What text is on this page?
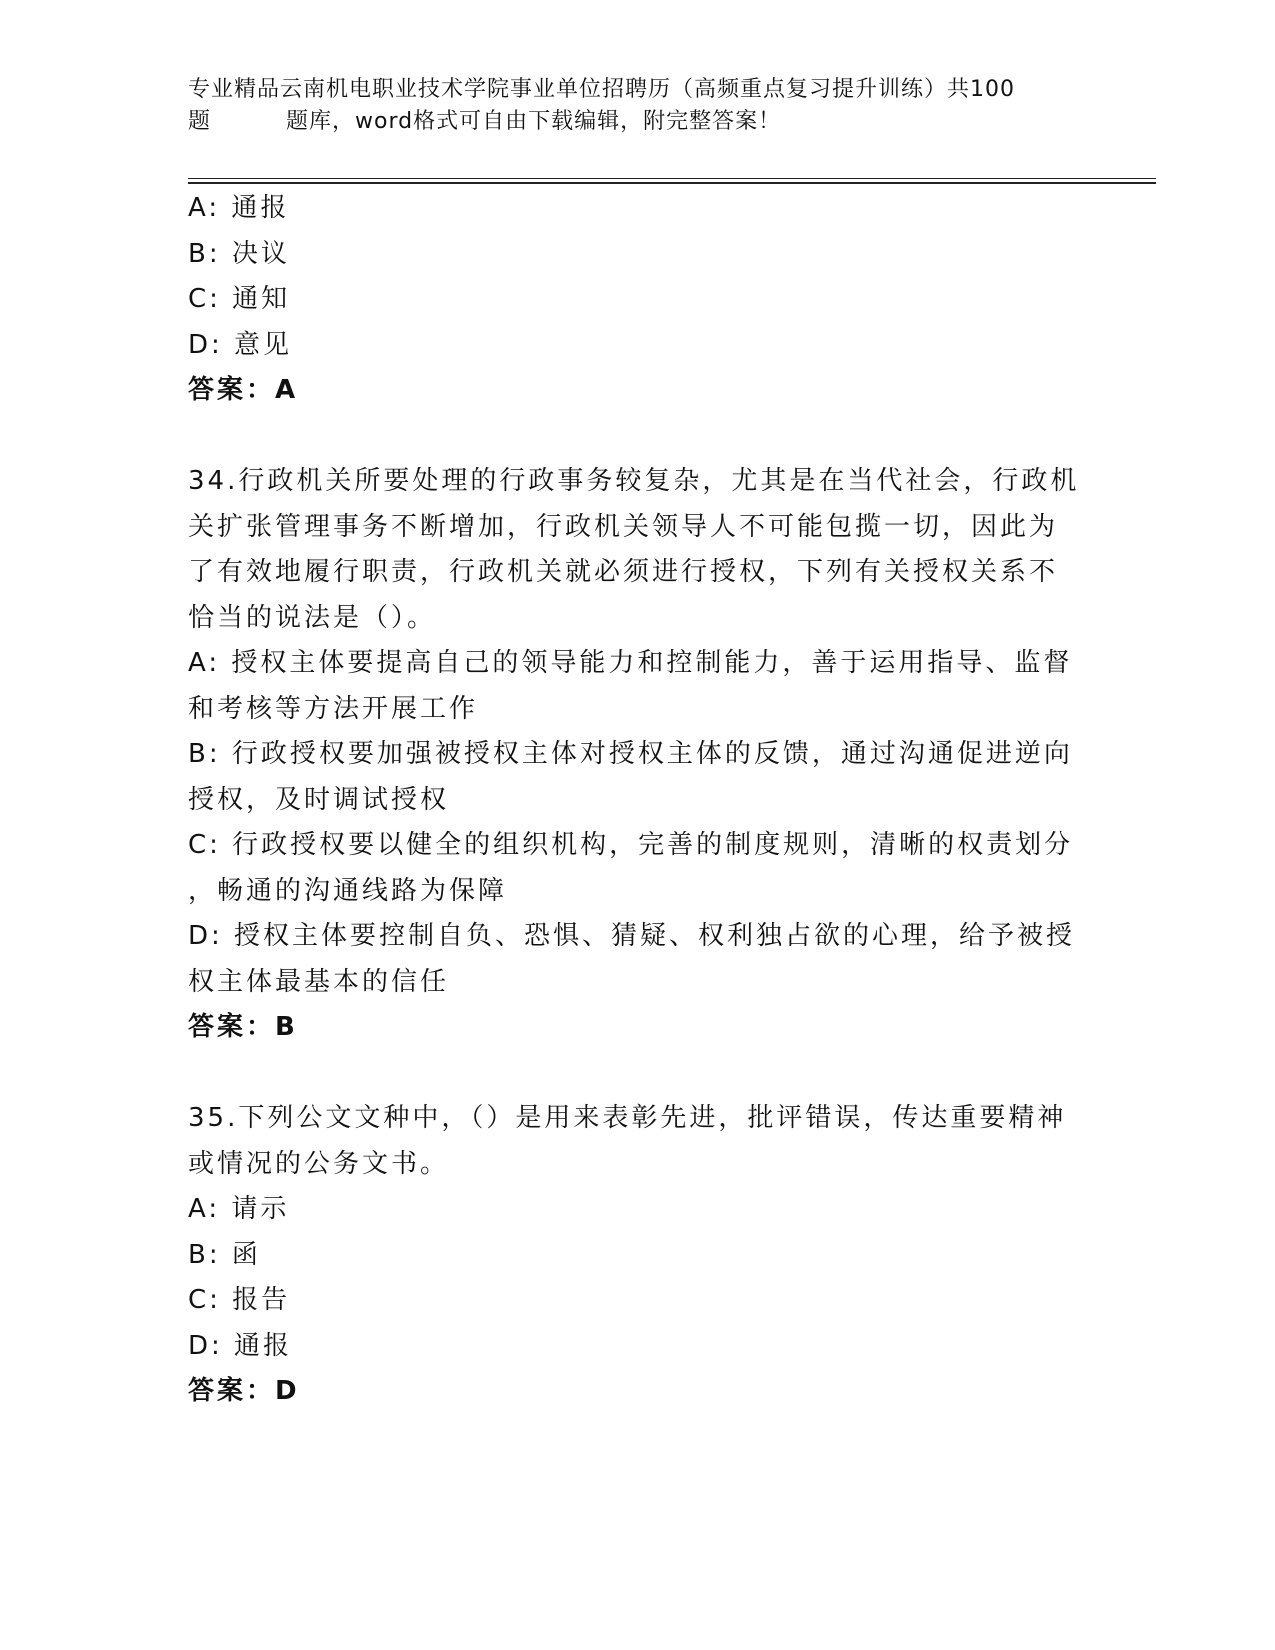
专业精品云南机电职业技术学院事业单位招聘历（高频重点复习提升训练）共100
题	题库，word格式可自由下载编辑，附完整答案！
A: 通报
B: 决议
C: 通知
D: 意见
答案：A
34.行政机关所要处理的行政事务较复杂，尤其是在当代社会，行政机
关扩张管理事务不断增加，行政机关领导人不可能包揽一切，因此为
了有效地履行职责，行政机关就必须进行授权，下列有关授权关系不
恰当的说法是（）。
A: 授权主体要提高自己的领导能力和控制能力，善于运用指导、监督
和考核等方法开展工作
B: 行政授权要加强被授权主体对授权主体的反馈，通过沟通促进逆向
授权，及时调试授权
C: 行政授权要以健全的组织机构，完善的制度规则，清晰的权责划分
，畅通的沟通线路为保障
D: 授权主体要控制自负、恐惧、猜疑、权利独占欲的心理，给予被授
权主体最基本的信任
答案：B
35.下列公文文种中，（）是用来表彰先进，批评错误，传达重要精神
或情况的公务文书。
A: 请示
B: 函
C: 报告
D: 通报
答案：D
